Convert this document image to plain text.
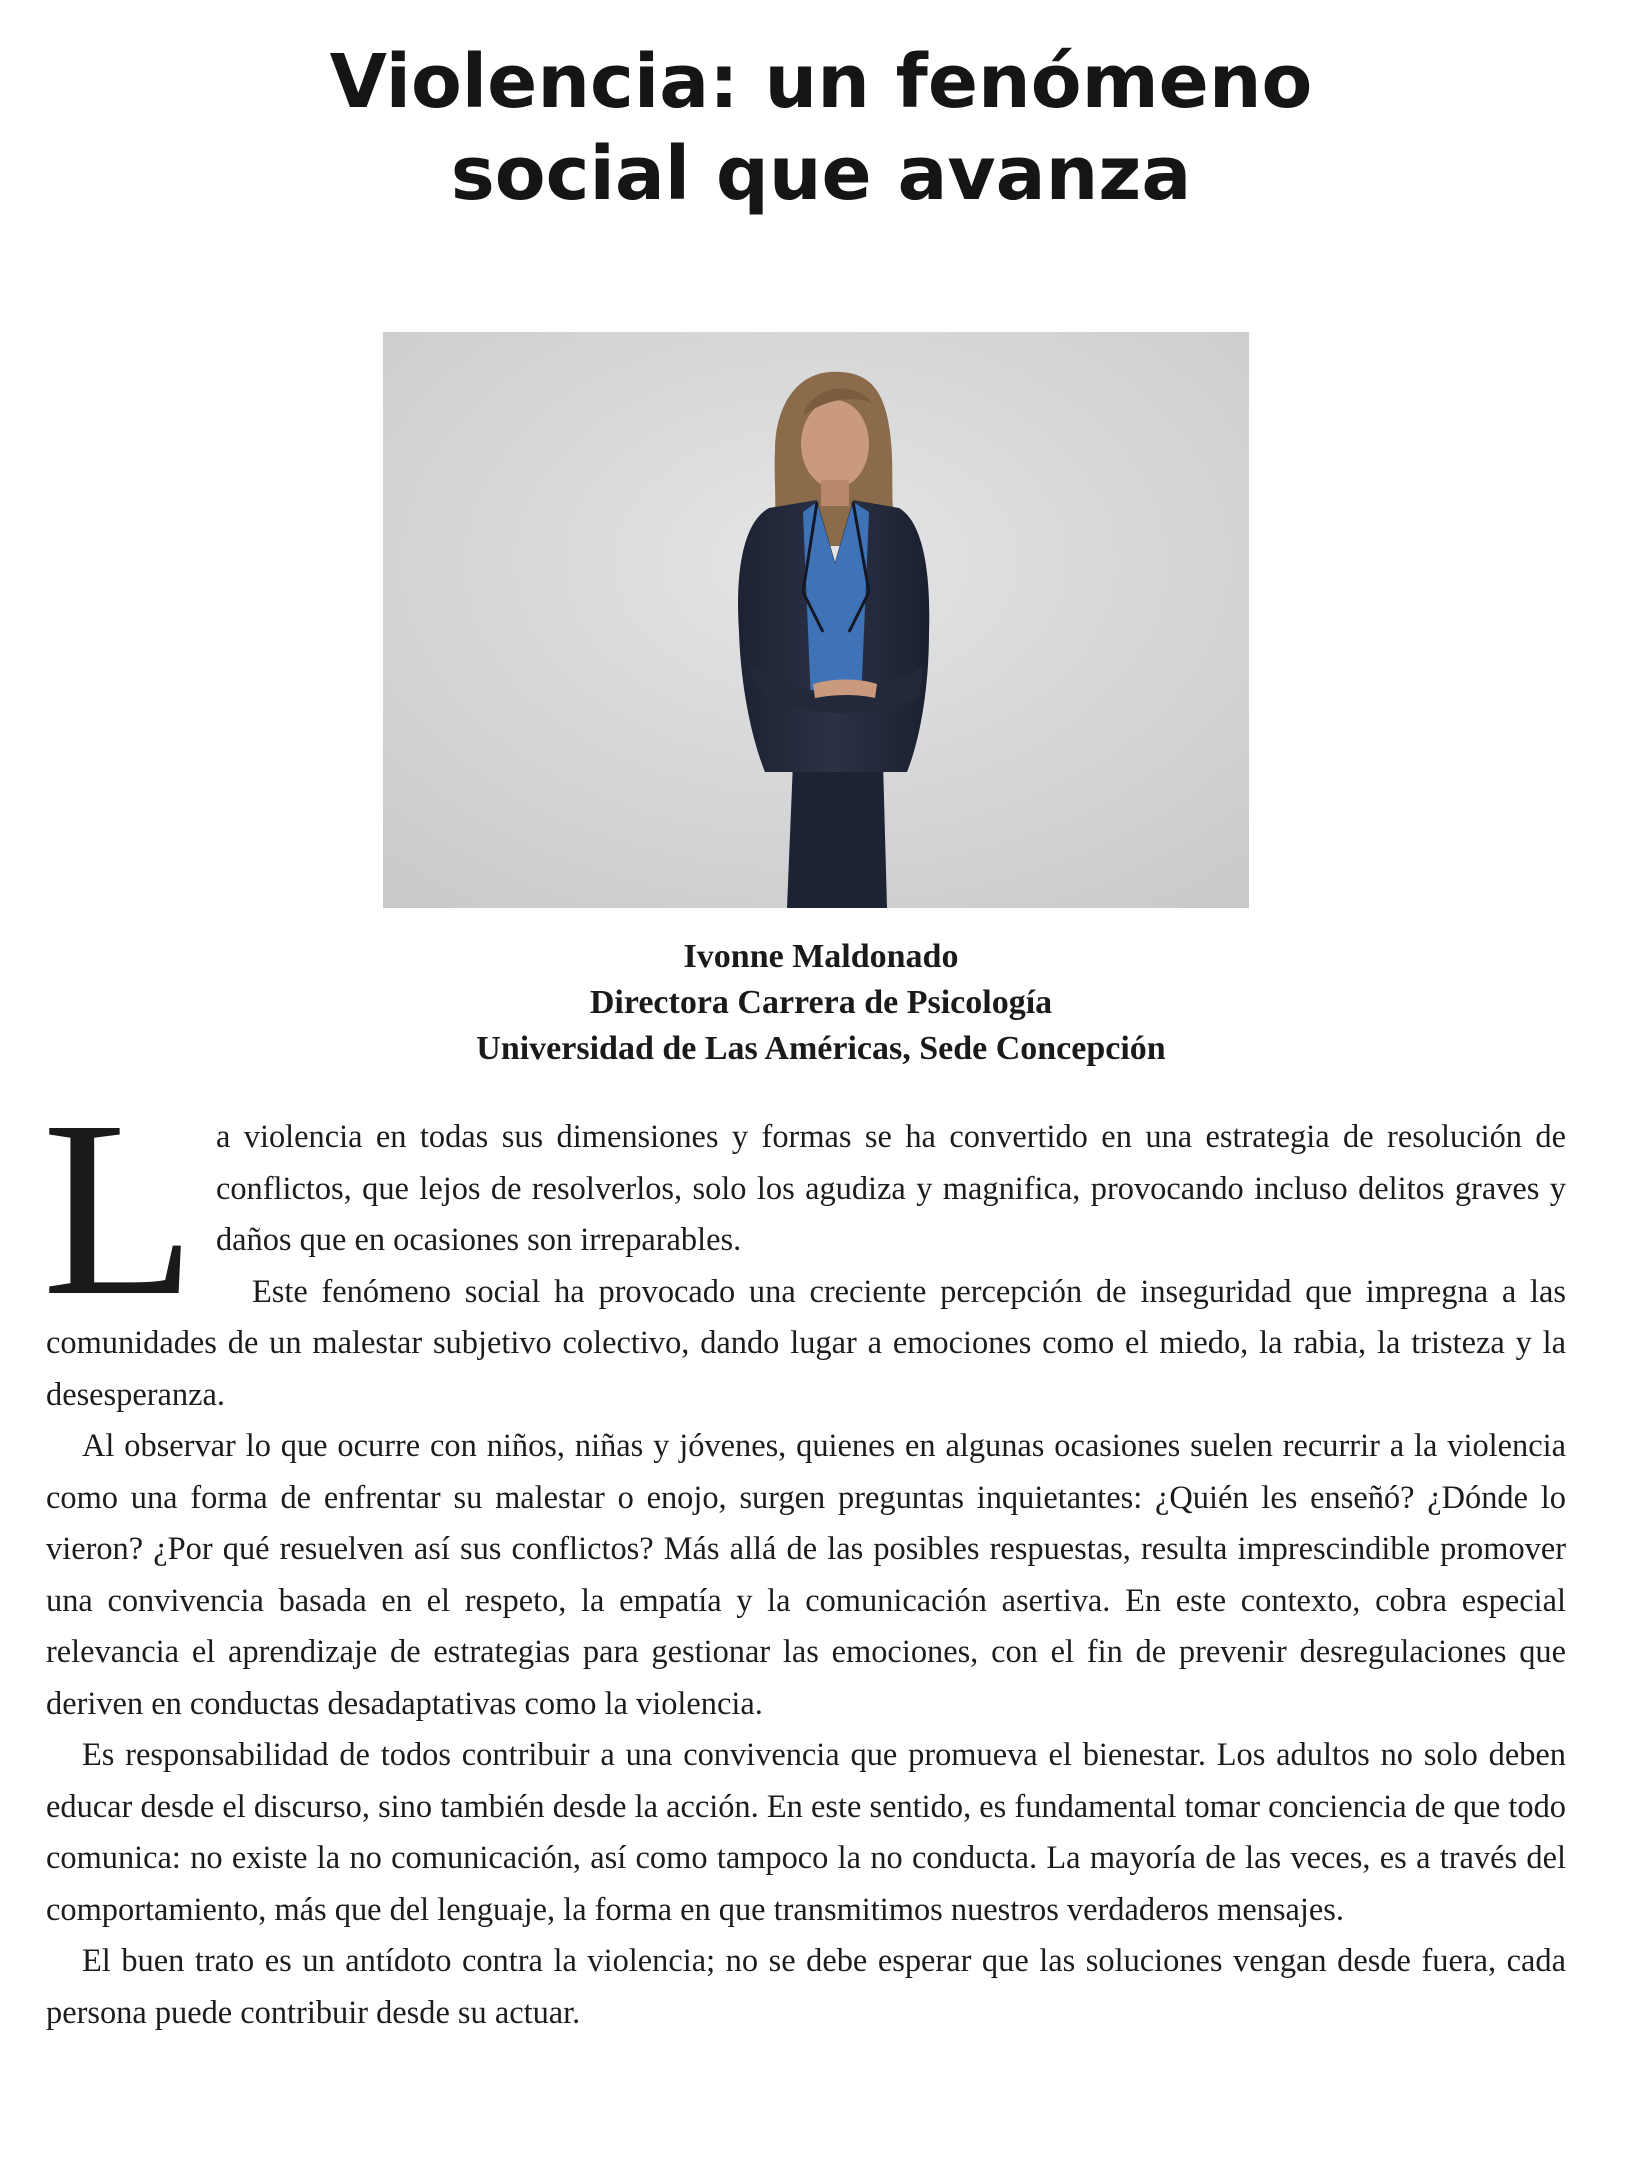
Violencia: un fenómeno
social que avanza
Ivonne Maldonado
Directora Carrera de Psicología
Universidad de Las Américas, Sede Concepción

La violencia en todas sus dimensiones y formas se ha convertido en una estrategia de resolución de conflictos, que lejos de resolverlos, solo los agudiza y magnifica, provocando incluso delitos graves y daños que en ocasiones son irreparables.

Este fenómeno social ha provocado una creciente percepción de inseguridad que impregna a las comunidades de un malestar subjetivo colectivo, dando lugar a emociones como el miedo, la rabia, la tristeza y la desesperanza.

Al observar lo que ocurre con niños, niñas y jóvenes, quienes en algunas ocasiones suelen recurrir a la violencia como una forma de enfrentar su malestar o enojo, surgen preguntas inquietantes: ¿Quién les enseñó? ¿Dónde lo vieron? ¿Por qué resuelven así sus conflictos? Más allá de las posibles respuestas, resulta imprescindible promover una convivencia basada en el respeto, la empatía y la comunicación asertiva. En este contexto, cobra especial relevancia el aprendizaje de estrategias para gestionar las emociones, con el fin de prevenir desregulaciones que deriven en conductas desadaptativas como la violencia.

Es responsabilidad de todos contribuir a una convivencia que promueva el bienestar. Los adultos no solo deben educar desde el discurso, sino también desde la acción. En este sentido, es fundamental tomar conciencia de que todo comunica: no existe la no comunicación, así como tampoco la no conducta. La mayoría de las veces, es a través del comportamiento, más que del lenguaje, la forma en que transmitimos nuestros verdaderos mensajes.

El buen trato es un antídoto contra la violencia; no se debe esperar que las soluciones vengan desde fuera, cada persona puede contribuir desde su actuar.
